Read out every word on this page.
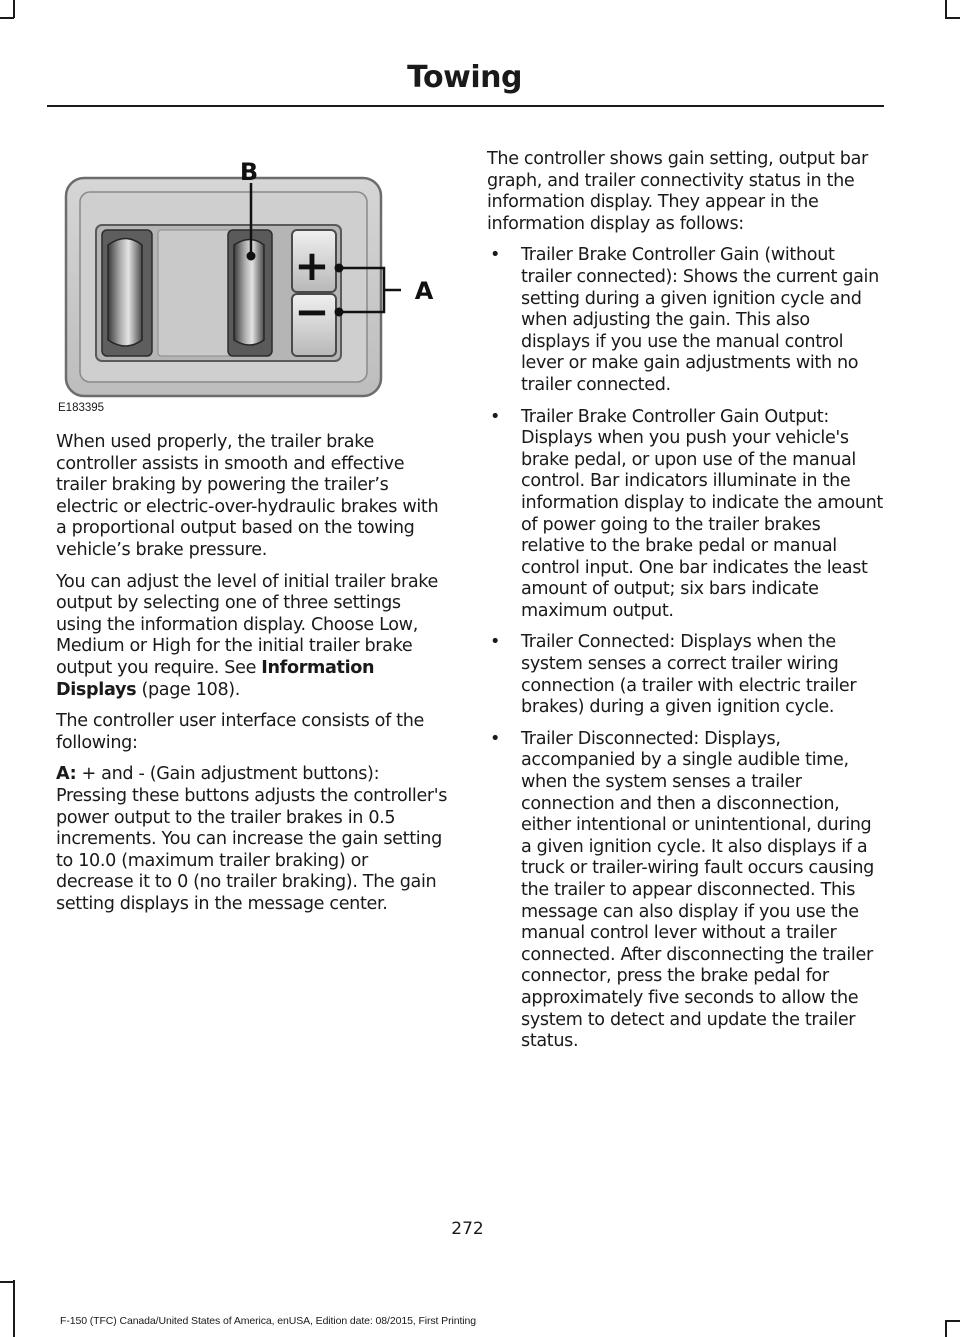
Towing
+
−
B
A
E183395

When used properly, the trailer brake controller assists in smooth and effective trailer braking by powering the trailer’s electric or electric-over-hydraulic brakes with a proportional output based on the towing vehicle’s brake pressure.

You can adjust the level of initial trailer brake output by selecting one of three settings using the information display. Choose Low, Medium or High for the initial trailer brake output you require. See Information Displays (page 108).

The controller user interface consists of the following:

A: + and - (Gain adjustment buttons): Pressing these buttons adjusts the controller's power output to the trailer brakes in 0.5 increments. You can increase the gain setting to 10.0 (maximum trailer braking) or decrease it to 0 (no trailer braking). The gain setting displays in the message center.

The controller shows gain setting, output bar graph, and trailer connectivity status in the information display. They appear in the information display as follows:

• Trailer Brake Controller Gain (without trailer connected): Shows the current gain setting during a given ignition cycle and when adjusting the gain. This also displays if you use the manual control lever or make gain adjustments with no trailer connected.
• Trailer Brake Controller Gain Output: Displays when you push your vehicle's brake pedal, or upon use of the manual control. Bar indicators illuminate in the information display to indicate the amount of power going to the trailer brakes relative to the brake pedal or manual control input. One bar indicates the least amount of output; six bars indicate maximum output.
• Trailer Connected: Displays when the system senses a correct trailer wiring connection (a trailer with electric trailer brakes) during a given ignition cycle.
• Trailer Disconnected: Displays, accompanied by a single audible time, when the system senses a trailer connection and then a disconnection, either intentional or unintentional, during a given ignition cycle. It also displays if a truck or trailer-wiring fault occurs causing the trailer to appear disconnected. This message can also display if you use the manual control lever without a trailer connected. After disconnecting the trailer connector, press the brake pedal for approximately five seconds to allow the system to detect and update the trailer status.
272
F-150 (TFC) Canada/United States of America, enUSA, Edition date: 08/2015, First Printing
